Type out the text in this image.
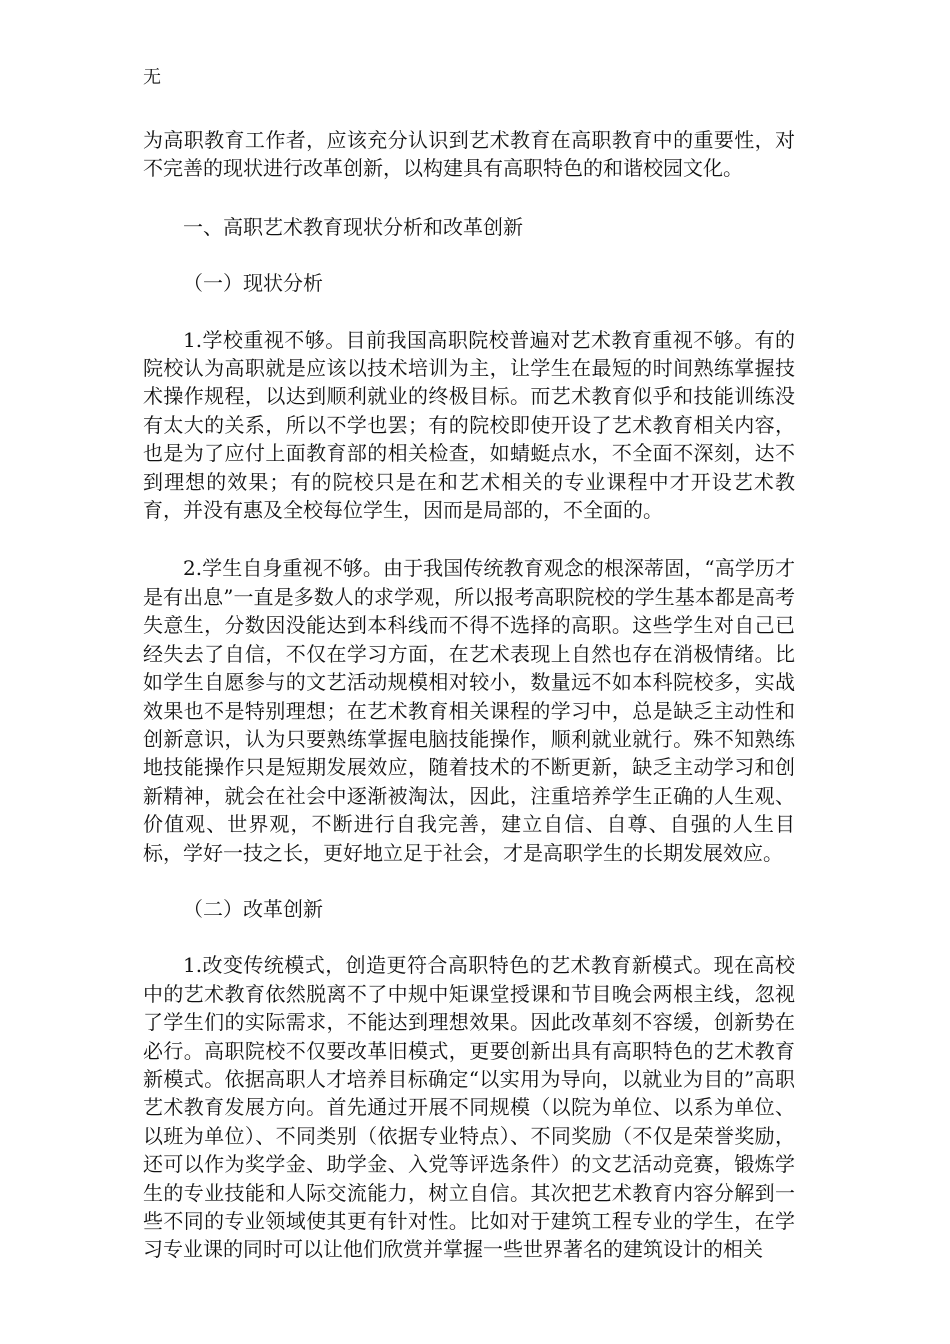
无

为高职教育工作者，应该充分认识到艺术教育在高职教育中的重要性，对不完善的现状进行改革创新，以构建具有高职特色的和谐校园文化。

一、高职艺术教育现状分析和改革创新

（一）现状分析

1.学校重视不够。目前我国高职院校普遍对艺术教育重视不够。有的院校认为高职就是应该以技术培训为主，让学生在最短的时间熟练掌握技术操作规程，以达到顺利就业的终极目标。而艺术教育似乎和技能训练没有太大的关系，所以不学也罢；有的院校即使开设了艺术教育相关内容，也是为了应付上面教育部的相关检查，如蜻蜓点水，不全面不深刻，达不到理想的效果；有的院校只是在和艺术相关的专业课程中才开设艺术教育，并没有惠及全校每位学生，因而是局部的，不全面的。

2.学生自身重视不够。由于我国传统教育观念的根深蒂固，“高学历才是有出息”一直是多数人的求学观，所以报考高职院校的学生基本都是高考失意生，分数因没能达到本科线而不得不选择的高职。这些学生对自己已经失去了自信，不仅在学习方面，在艺术表现上自然也存在消极情绪。比如学生自愿参与的文艺活动规模相对较小，数量远不如本科院校多，实战效果也不是特别理想；在艺术教育相关课程的学习中，总是缺乏主动性和创新意识，认为只要熟练掌握电脑技能操作，顺利就业就行。殊不知熟练地技能操作只是短期发展效应，随着技术的不断更新，缺乏主动学习和创新精神，就会在社会中逐渐被淘汰，因此，注重培养学生正确的人生观、价值观、世界观，不断进行自我完善，建立自信、自尊、自强的人生目标，学好一技之长，更好地立足于社会，才是高职学生的长期发展效应。

（二）改革创新

1.改变传统模式，创造更符合高职特色的艺术教育新模式。现在高校中的艺术教育依然脱离不了中规中矩课堂授课和节目晚会两根主线，忽视了学生们的实际需求，不能达到理想效果。因此改革刻不容缓，创新势在必行。高职院校不仅要改革旧模式，更要创新出具有高职特色的艺术教育新模式。依据高职人才培养目标确定“以实用为导向，以就业为目的”高职艺术教育发展方向。首先通过开展不同规模（以院为单位、以系为单位、以班为单位）、不同类别（依据专业特点）、不同奖励（不仅是荣誉奖励，还可以作为奖学金、助学金、入党等评选条件）的文艺活动竞赛，锻炼学生的专业技能和人际交流能力，树立自信。其次把艺术教育内容分解到一些不同的专业领域使其更有针对性。比如对于建筑工程专业的学生，在学习专业课的同时可以让他们欣赏并掌握一些世界著名的建筑设计的相关
